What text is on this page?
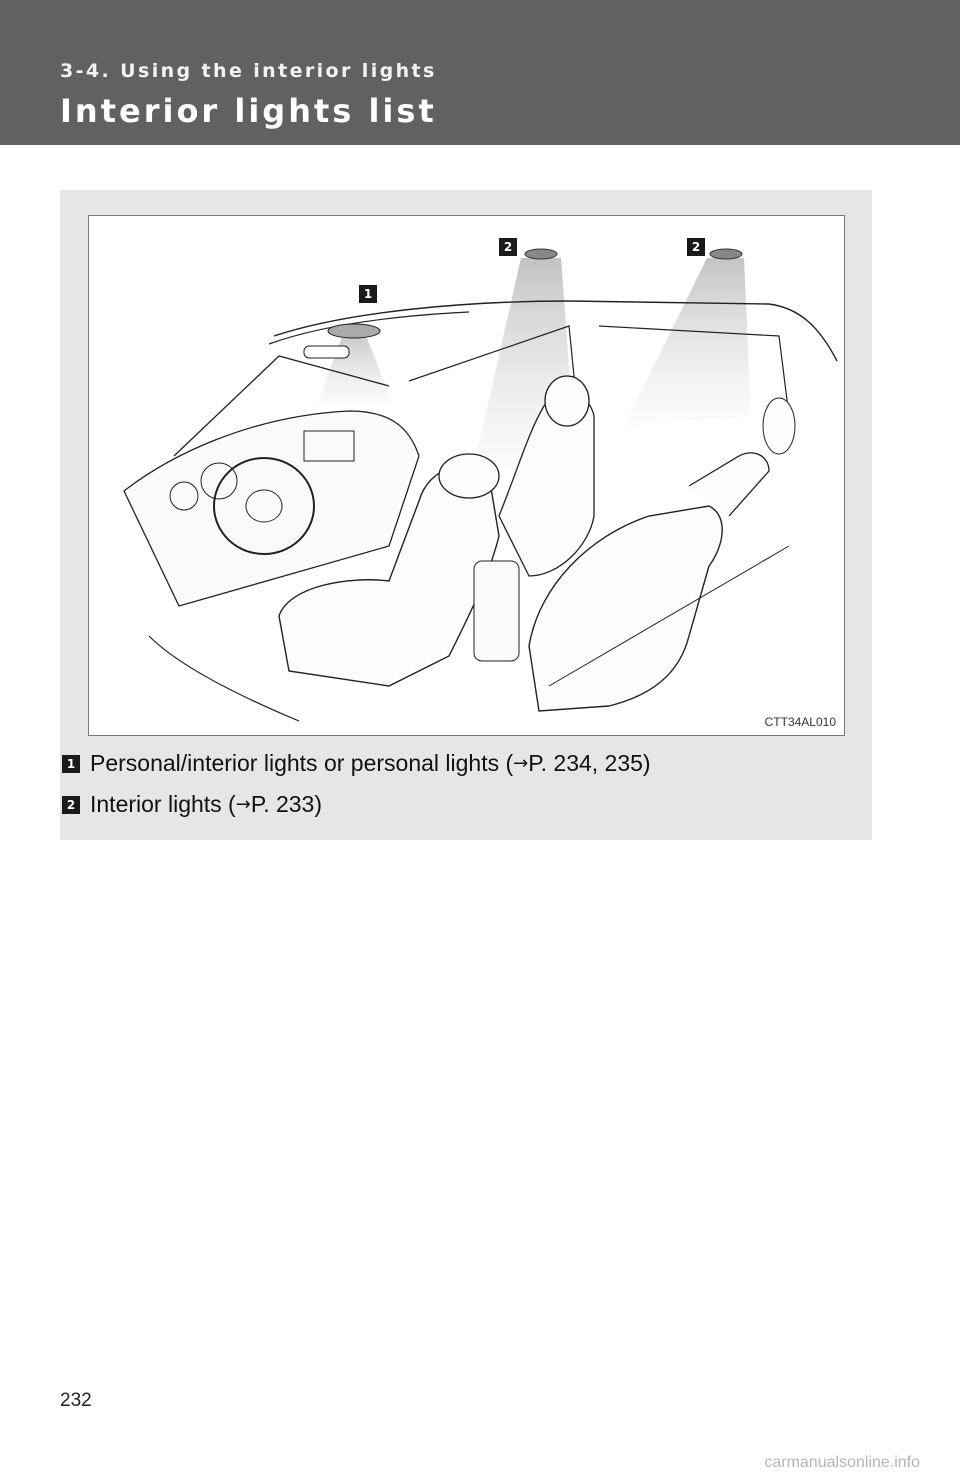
3-4. Using the interior lights
Interior lights list
1
2	2
CTT34AL010
1 Personal/interior lights or personal lights ( → P. 234, 235)
2 Interior lights ( → P. 233)
232
carmanualsonline.info
